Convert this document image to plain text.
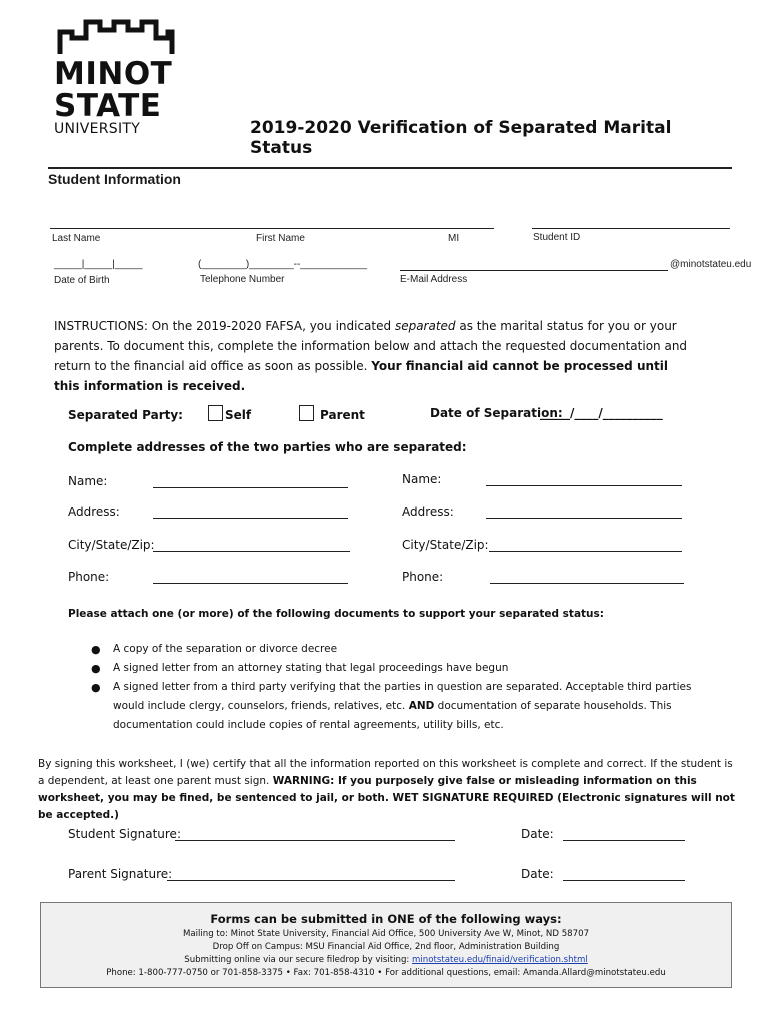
MINOT
STATE
UNIVERSITY	2019-2020 Verification of Separated Marital Status
Student Information
Last Name	First Name	MI	Student ID
_____|_____|_____	(________)________--____________	@minotstateu.edu
Date of Birth	Telephone Number	E-Mail Address
INSTRUCTIONS: On the 2019-2020 FAFSA, you indicated separated as the marital status for you or your parents. To document this, complete the information below and attach the requested documentation and return to the financial aid office as soon as possible. Your financial aid cannot be processed until this information is received.
Separated Party:	Self	Parent	Date of Separation:
_____/____/__________
Complete addresses of the two parties who are separated:
Name:	Name:
Address:	Address:
City/State/Zip:	City/State/Zip:
Phone:	Phone:
Please attach one (or more) of the following documents to support your separated status:
● A copy of the separation or divorce decree
● A signed letter from an attorney stating that legal proceedings have begun
● A signed letter from a third party verifying that the parties in question are separated. Acceptable third parties would include clergy, counselors, friends, relatives, etc. AND documentation of separate households. This documentation could include copies of rental agreements, utility bills, etc.
By signing this worksheet, I (we) certify that all the information reported on this worksheet is complete and correct. If the student is a dependent, at least one parent must sign. WARNING: If you purposely give false or misleading information on this worksheet, you may be fined, be sentenced to jail, or both. WET SIGNATURE REQUIRED (Electronic signatures will not be accepted.)
Student Signature:	Date:
Parent Signature:	Date:
Forms can be submitted in ONE of the following ways:
Mailing to: Minot State University, Financial Aid Office, 500 University Ave W, Minot, ND 58707
Drop Off on Campus: MSU Financial Aid Office, 2nd floor, Administration Building
Submitting online via our secure filedrop by visiting: minotstateu.edu/finaid/verification.shtml
Phone: 1-800-777-0750 or 701-858-3375 • Fax: 701-858-4310 • For additional questions, email: Amanda.Allard@minotstateu.edu
